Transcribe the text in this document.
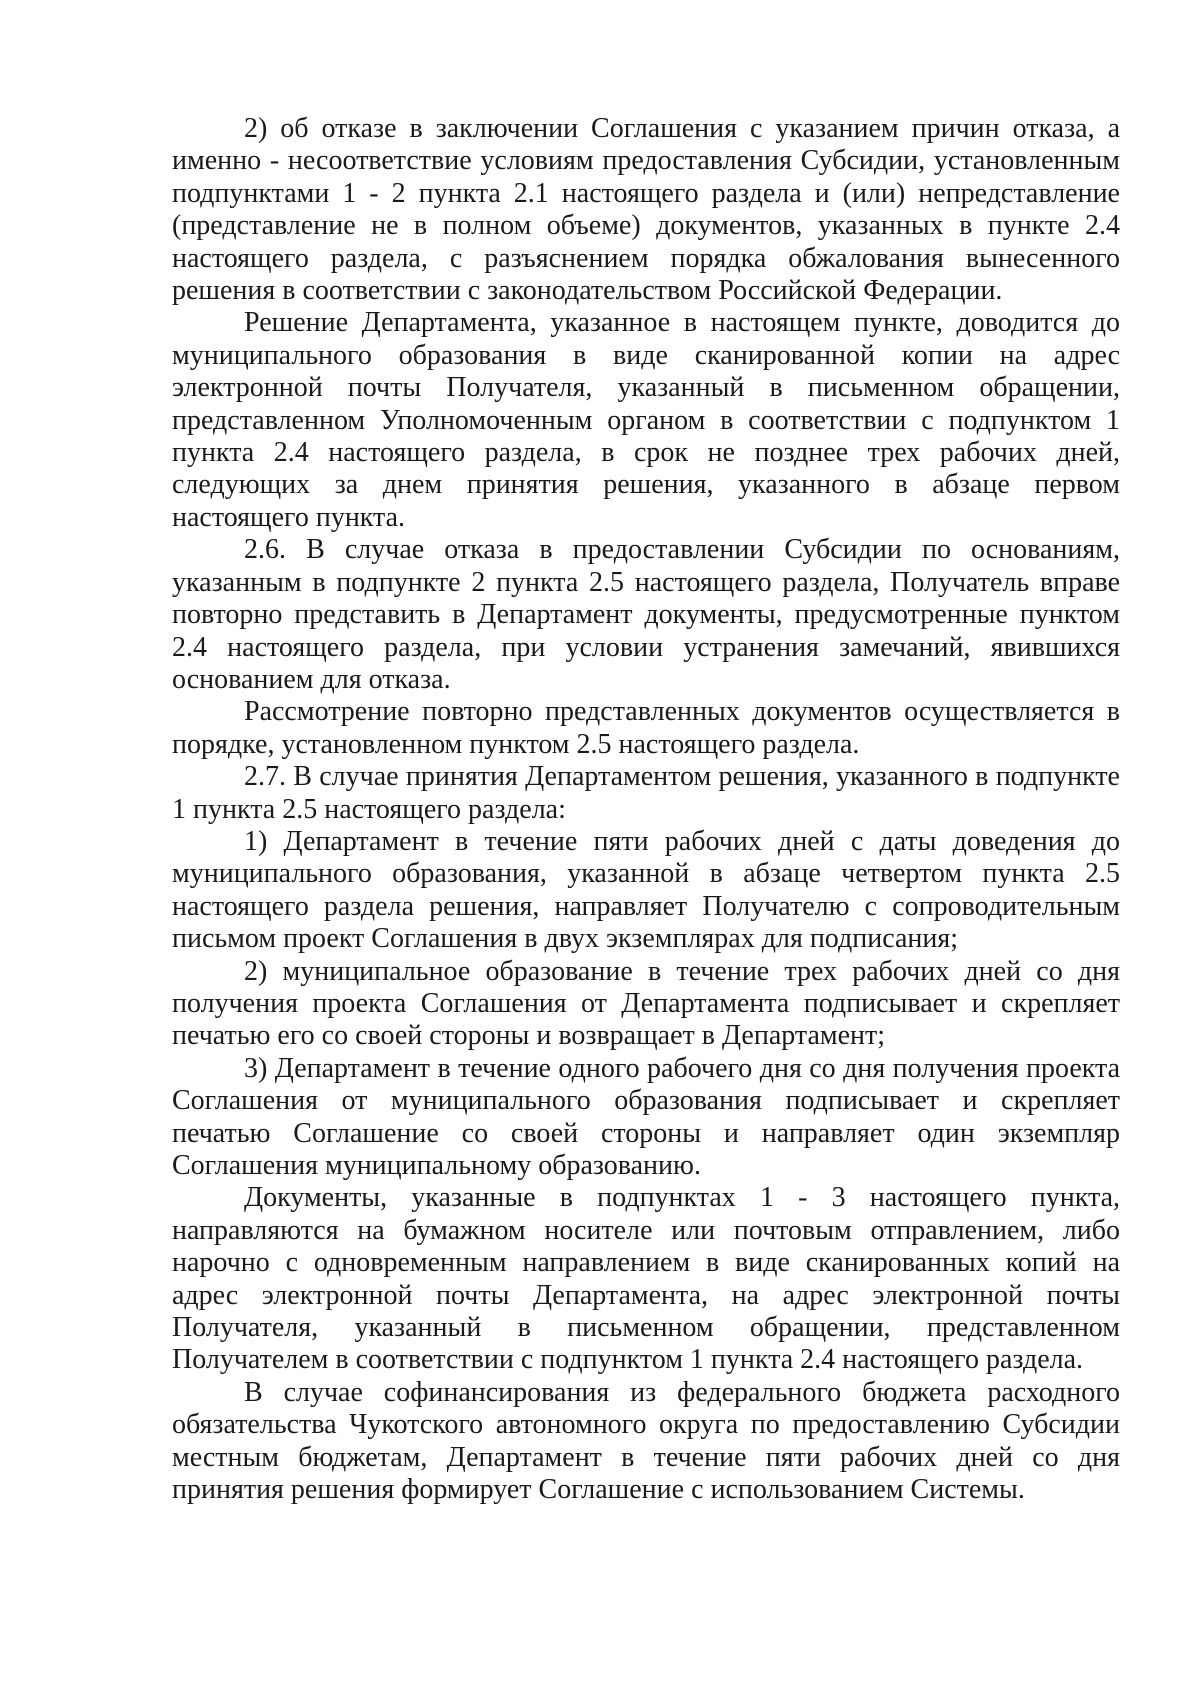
2) об отказе в заключении Соглашения с указанием причин отказа, а именно - несоответствие условиям предоставления Субсидии, установленным подпунктами 1 - 2 пункта 2.1 настоящего раздела и (или) непредставление (представление не в полном объеме) документов, указанных в пункте 2.4 настоящего раздела, с разъяснением порядка обжалования вынесенного решения в соответствии с законодательством Российской Федерации.

Решение Департамента, указанное в настоящем пункте, доводится до муниципального образования в виде сканированной копии на адрес электронной почты Получателя, указанный в письменном обращении, представленном Уполномоченным органом в соответствии с подпунктом 1 пункта 2.4 настоящего раздела, в срок не позднее трех рабочих дней, следующих за днем принятия решения, указанного в абзаце первом настоящего пункта.

2.6. В случае отказа в предоставлении Субсидии по основаниям, указанным в подпункте 2 пункта 2.5 настоящего раздела, Получатель вправе повторно представить в Департамент документы, предусмотренные пунктом 2.4 настоящего раздела, при условии устранения замечаний, явившихся основанием для отказа.

Рассмотрение повторно представленных документов осуществляется в порядке, установленном пунктом 2.5 настоящего раздела.

2.7. В случае принятия Департаментом решения, указанного в подпункте 1 пункта 2.5 настоящего раздела:

1) Департамент в течение пяти рабочих дней с даты доведения до муниципального образования, указанной в абзаце четвертом пункта 2.5 настоящего раздела решения, направляет Получателю с сопроводительным письмом проект Соглашения в двух экземплярах для подписания;

2) муниципальное образование в течение трех рабочих дней со дня получения проекта Соглашения от Департамента подписывает и скрепляет печатью его со своей стороны и возвращает в Департамент;

3) Департамент в течение одного рабочего дня со дня получения проекта Соглашения от муниципального образования подписывает и скрепляет печатью Соглашение со своей стороны и направляет один экземпляр Соглашения муниципальному образованию.

Документы, указанные в подпунктах 1 - 3 настоящего пункта, направляются на бумажном носителе или почтовым отправлением, либо нарочно с одновременным направлением в виде сканированных копий на адрес электронной почты Департамента, на адрес электронной почты Получателя, указанный в письменном обращении, представленном Получателем в соответствии с подпунктом 1 пункта 2.4 настоящего раздела.

В случае софинансирования из федерального бюджета расходного обязательства Чукотского автономного округа по предоставлению Субсидии местным бюджетам, Департамент в течение пяти рабочих дней со дня принятия решения формирует Соглашение с использованием Системы.
